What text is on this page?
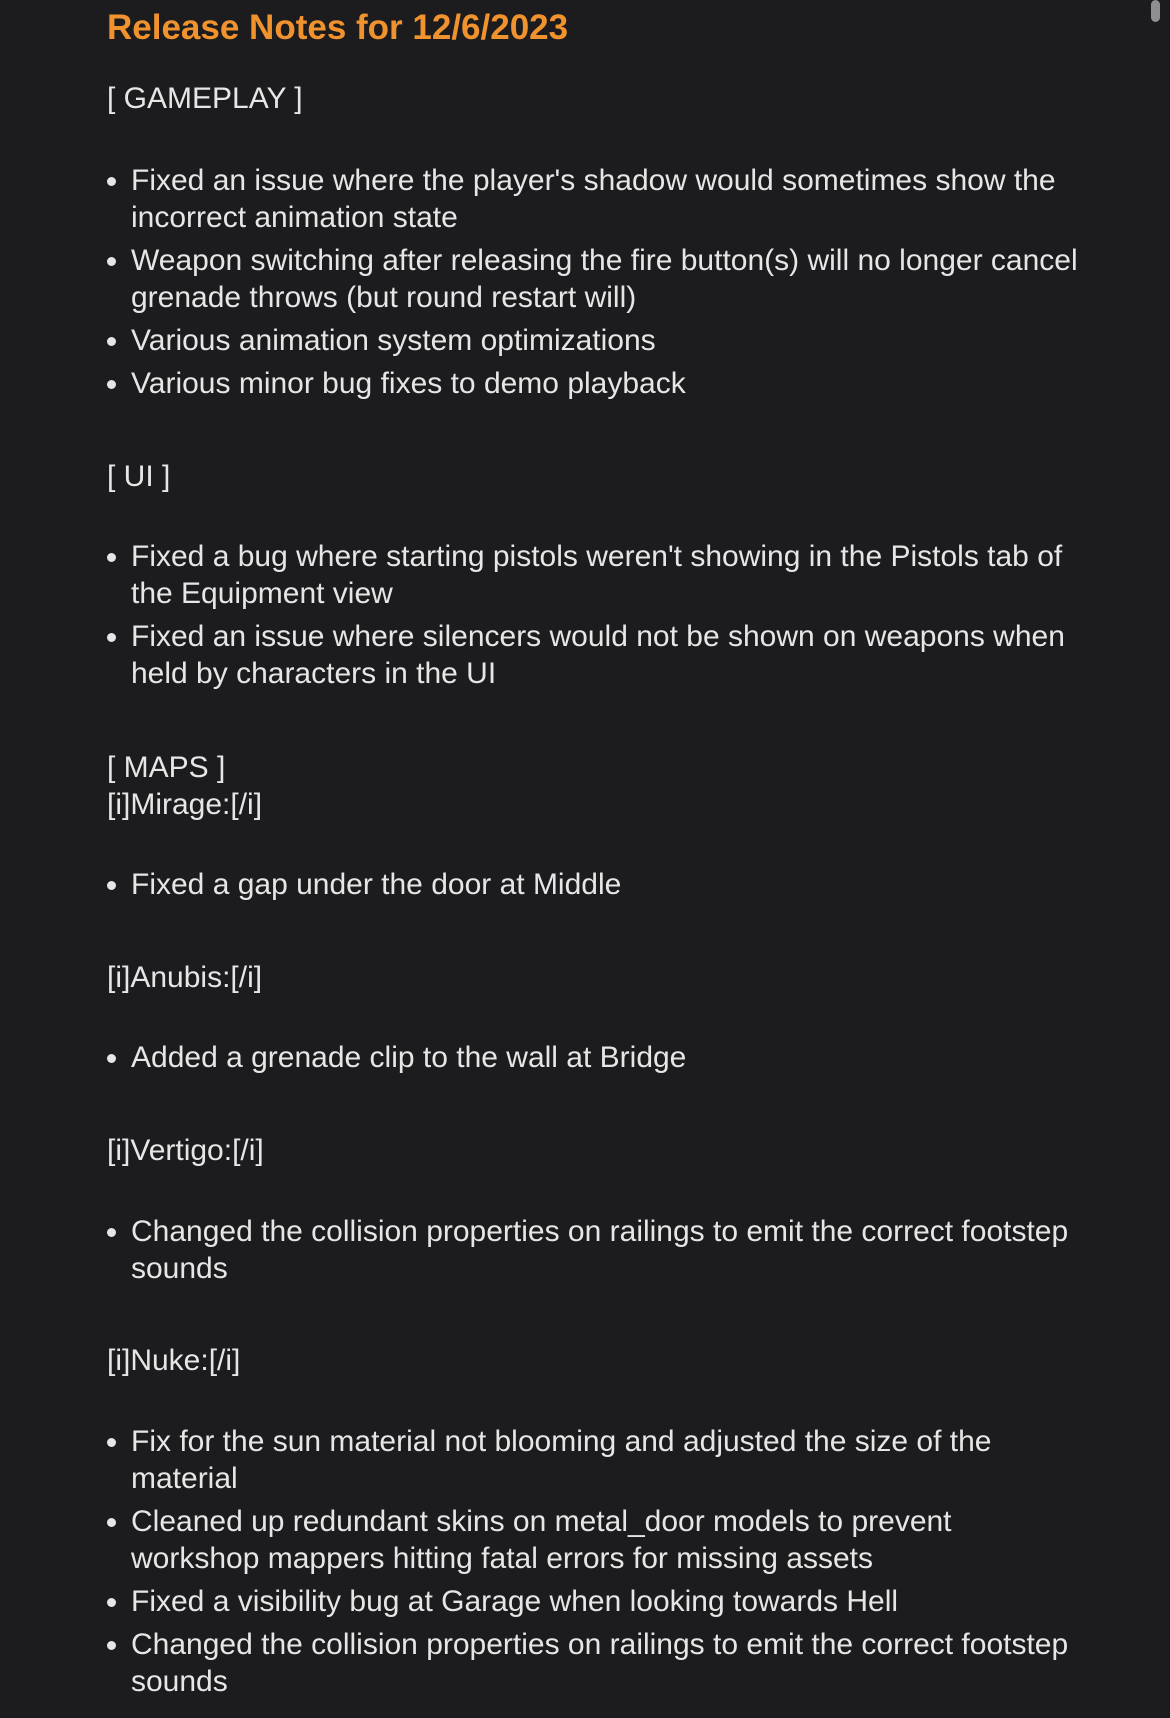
Release Notes for 12/6/2023
[ GAMEPLAY ]
Fixed an issue where the player's shadow would sometimes show the incorrect animation state
Weapon switching after releasing the fire button(s) will no longer cancel grenade throws (but round restart will)
Various animation system optimizations
Various minor bug fixes to demo playback
[ UI ]
Fixed a bug where starting pistols weren't showing in the Pistols tab of the Equipment view
Fixed an issue where silencers would not be shown on weapons when held by characters in the UI
[ MAPS ]
[i]Mirage:[/i]
Fixed a gap under the door at Middle
[i]Anubis:[/i]
Added a grenade clip to the wall at Bridge
[i]Vertigo:[/i]
Changed the collision properties on railings to emit the correct footstep sounds
[i]Nuke:[/i]
Fix for the sun material not blooming and adjusted the size of the material
Cleaned up redundant skins on metal_door models to prevent workshop mappers hitting fatal errors for missing assets
Fixed a visibility bug at Garage when looking towards Hell
Changed the collision properties on railings to emit the correct footstep sounds
